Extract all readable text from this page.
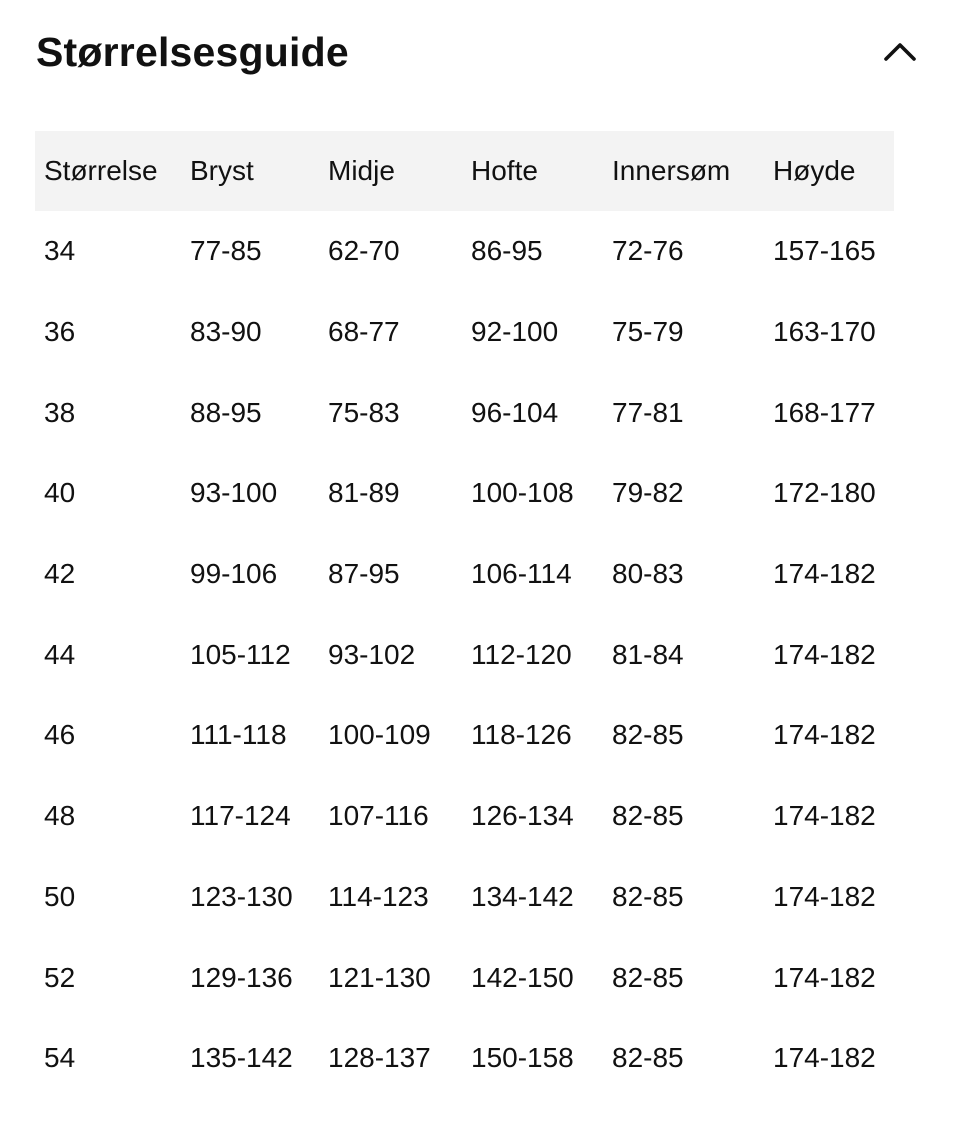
Størrelsesguide
Størrelse	Bryst	Midje	Hofte	Innersøm	Høyde
34	77-85	62-70	86-95	72-76	157-165
36	83-90	68-77	92-100	75-79	163-170
38	88-95	75-83	96-104	77-81	168-177
40	93-100	81-89	100-108	79-82	172-180
42	99-106	87-95	106-114	80-83	174-182
44	105-112	93-102	112-120	81-84	174-182
46	111-118	100-109	118-126	82-85	174-182
48	117-124	107-116	126-134	82-85	174-182
50	123-130	114-123	134-142	82-85	174-182
52	129-136	121-130	142-150	82-85	174-182
54	135-142	128-137	150-158	82-85	174-182
